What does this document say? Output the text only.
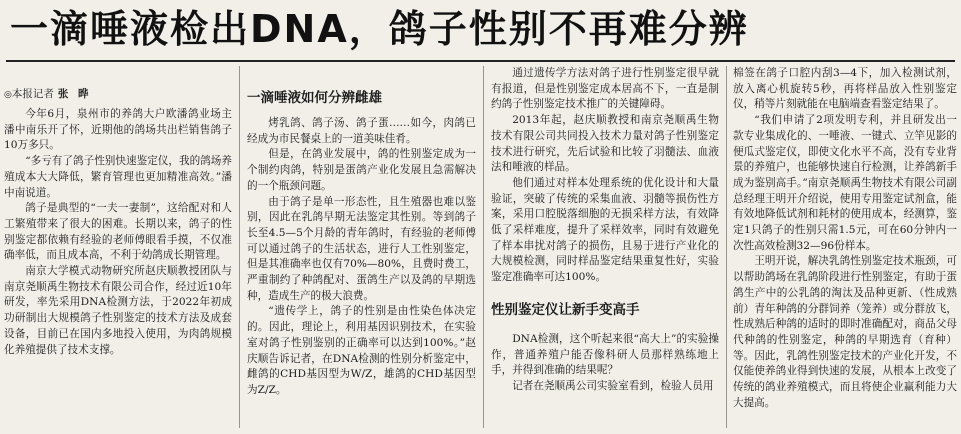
一滴唾液检出DNA，鸽子性别不再难分辨
◎本报记者 张 晔

今年6月，泉州市的养鸽大户欧潘鸽业场主潘中南乐开了怀，近期他的鸽场共出栏销售鸽子10万多只。

“多亏有了鸽子性别快速鉴定仪，我的鸽场养殖成本大大降低，繁育管理也更加精准高效。”潘中南说道。

鸽子是典型的“一夫一妻制”，这给配对和人工繁殖带来了很大的困难。长期以来，鸽子的性别鉴定都依赖有经验的老师傅眼看手摸，不仅准确率低，而且成本高，不利于幼鸽成长期管理。

南京大学模式动物研究所赵庆顺教授团队与南京尧顺禹生物技术有限公司合作，经过近10年研发，率先采用DNA检测方法，于2022年初成功研制出大规模鸽子性别鉴定的技术方法及成套设备，目前已在国内多地投入使用，为肉鸽规模化养殖提供了技术支撑。

一滴唾液如何分辨雌雄

烤乳鸽、鸽子汤、鸽子蛋……如今，肉鸽已经成为市民餐桌上的一道美味佳肴。

但是，在鸽业发展中，鸽的性别鉴定成为一个制约肉鸽，特别是蛋鸽产业化发展且急需解决的一个瓶颈问题。

由于鸽子是单一形态性，且生殖器也难以鉴别，因此在乳鸽早期无法鉴定其性别。等到鸽子长至4.5—5个月龄的青年鸽时，有经验的老师傅可以通过鸽子的生活状态，进行人工性别鉴定，但是其准确率也仅有70%—80%，且费时费工，严重制约了种鸽配对、蛋鸽生产以及鸽的早期选种，造成生产的极大浪费。

“遗传学上，鸽子的性别是由性染色体决定的。因此，理论上，利用基因识别技术，在实验室对鸽子性别鉴别的正确率可以达到100%。”赵庆顺告诉记者，在DNA检测的性别分析鉴定中，雌鸽的CHD基因型为W/Z，雄鸽的CHD基因型为Z/Z。

通过遗传学方法对鸽子进行性别鉴定很早就有报道，但是性别鉴定成本居高不下，一直是制约鸽子性别鉴定技术推广的关键障碍。

2013年起，赵庆顺教授和南京尧顺禹生物技术有限公司共同投入技术力量对鸽子性别鉴定技术进行研究，先后试验和比较了羽髓法、血液法和唾液的样品。

他们通过对样本处理系统的优化设计和大量验证，突破了传统的采集血液、羽髓等损伤性方案，采用口腔脱落细胞的无损采样方法，有效降低了采样难度，提升了采样效率，同时有效避免了样本串扰对鸽子的损伤，且易于进行产业化的大规模检测，同时样品鉴定结果重复性好，实验鉴定准确率可达100%。

性别鉴定仪让新手变高手

DNA检测，这个听起来很“高大上”的实验操作，普通养殖户能否像科研人员那样熟练地上手，并得到准确的结果呢？

记者在尧顺禹公司实验室看到，检验人员用

棉签在鸽子口腔内刮3—4下，加入检测试剂，放入离心机旋转5秒，再将样品放入性别鉴定仪，稍等片刻就能在电脑端查看鉴定结果了。

“我们申请了2项发明专利，并且研发出一款专业集成化的、一唾液、一键式、立竿见影的便瓜式鉴定仪，即使文化水平不高，没有专业背景的养殖户，也能够快速自行检测，让养鸽新手成为鉴别高手。”南京尧顺禹生物技术有限公司副总经理王明开介绍说，使用专用鉴定试剂盒，能有效地降低试剂和耗材的使用成本，经测算，鉴定1只鸽子的性别只需1.5元，可在60分钟内一次性高效检测32—96份样本。

王明开说，解决乳鸽性别鉴定技术瓶颈，可以帮助鸽场在乳鸽阶段进行性别鉴定，有助于蛋鸽生产中的公乳鸽的淘汰及品种更新、（性成熟前）青年种鸽的分群饲养（笼养）或分群放飞，性成熟后种鸽的适时的即时准确配对，商品父母代种鸽的性别鉴定，种鸽的早期选育（育种）等。因此，乳鸽性别鉴定技术的产业化开发，不仅能使养鸽业得到快速的发展，从根本上改变了传统的鸽业养殖模式，而且将使企业赢利能力大大提高。
